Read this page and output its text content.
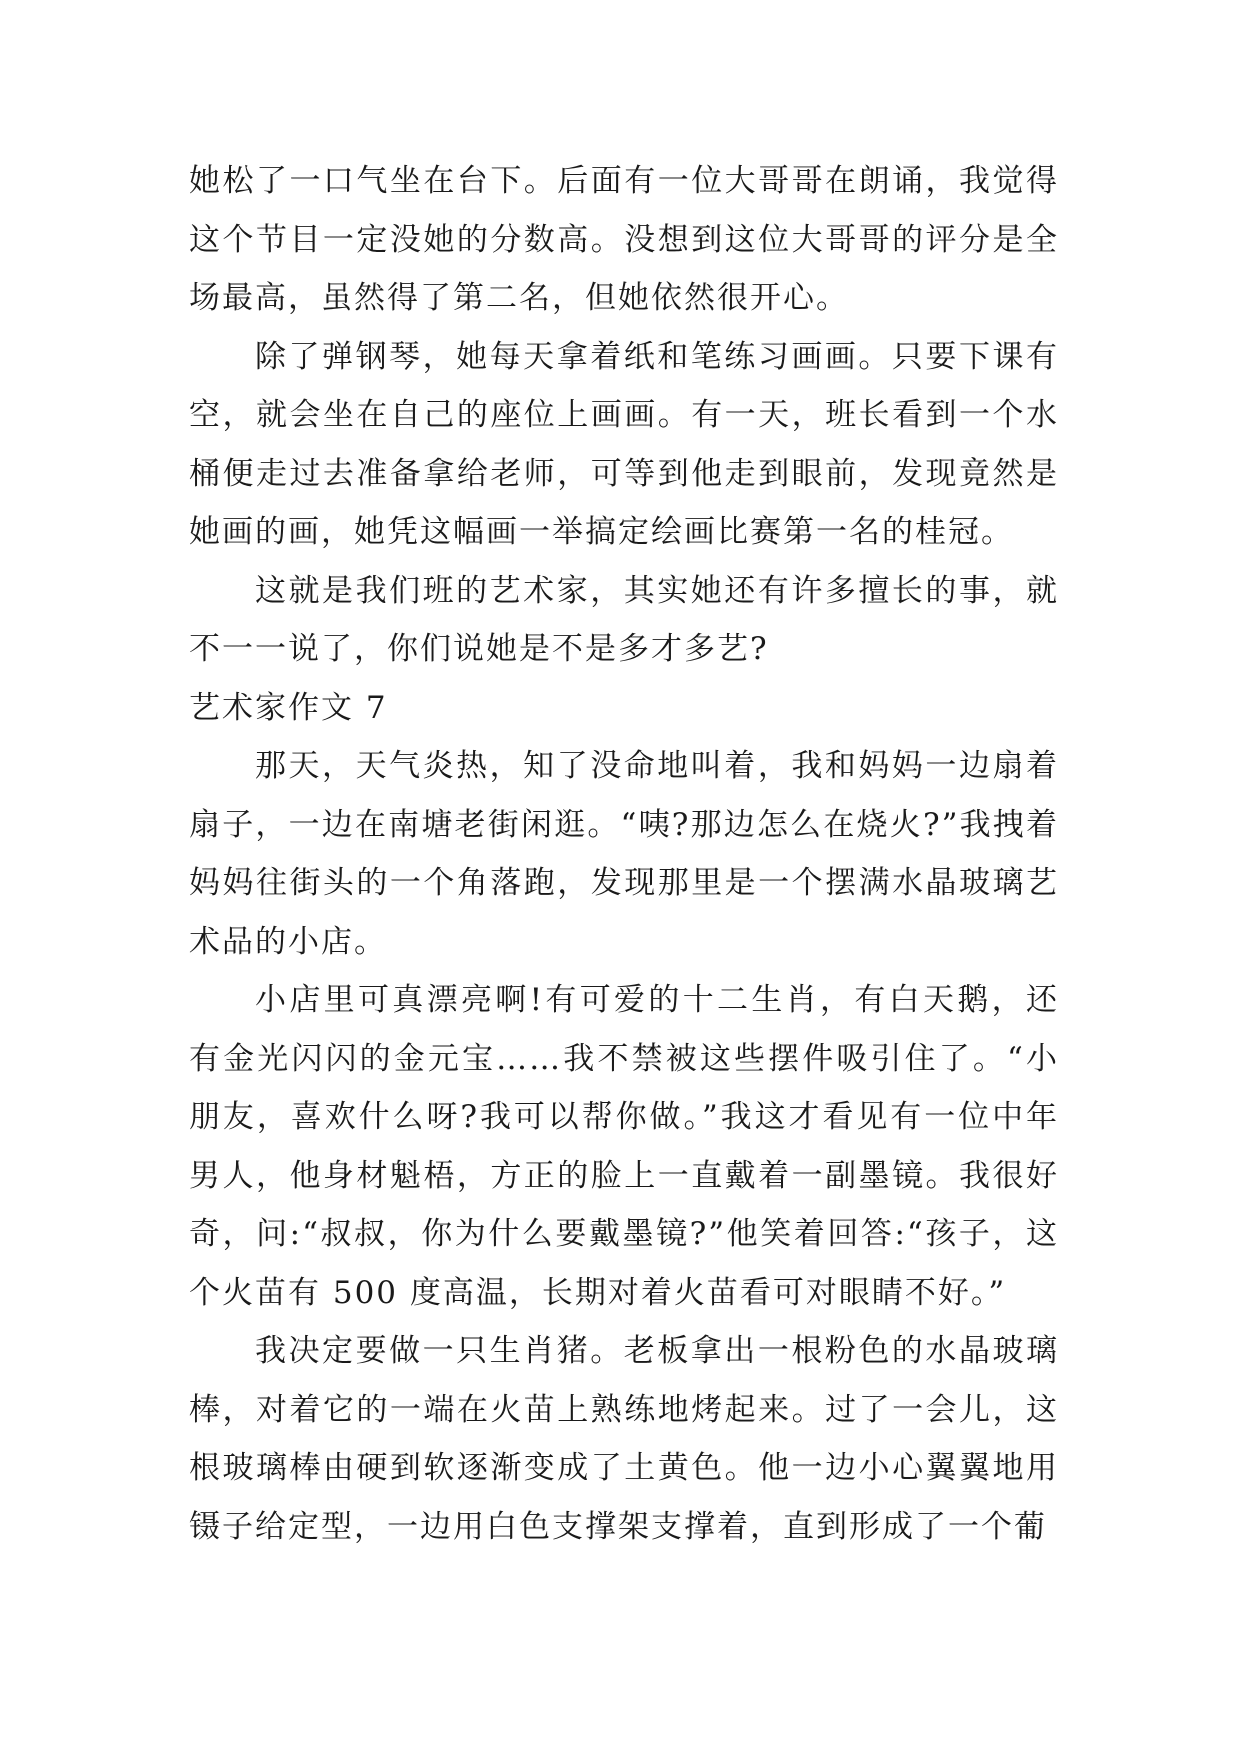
她松了一口气坐在台下。后面有一位大哥哥在朗诵，我觉得这个节目一定没她的分数高。没想到这位大哥哥的评分是全场最高，虽然得了第二名，但她依然很开心。

除了弹钢琴，她每天拿着纸和笔练习画画。只要下课有空，就会坐在自己的座位上画画。有一天，班长看到一个水桶便走过去准备拿给老师，可等到他走到眼前，发现竟然是她画的画，她凭这幅画一举搞定绘画比赛第一名的桂冠。

这就是我们班的艺术家，其实她还有许多擅长的事，就不一一说了，你们说她是不是多才多艺?

艺术家作文 7

那天，天气炎热，知了没命地叫着，我和妈妈一边扇着扇子，一边在南塘老街闲逛。“咦?那边怎么在烧火?”我拽着妈妈往街头的一个角落跑，发现那里是一个摆满水晶玻璃艺术品的小店。

小店里可真漂亮啊!有可爱的十二生肖，有白天鹅，还有金光闪闪的金元宝……我不禁被这些摆件吸引住了。“小朋友，喜欢什么呀?我可以帮你做。”我这才看见有一位中年男人，他身材魁梧，方正的脸上一直戴着一副墨镜。我很好奇，问:“叔叔，你为什么要戴墨镜?”他笑着回答:“孩子，这个火苗有 500 度高温，长期对着火苗看可对眼睛不好。”

我决定要做一只生肖猪。老板拿出一根粉色的水晶玻璃棒，对着它的一端在火苗上熟练地烤起来。过了一会儿，这根玻璃棒由硬到软逐渐变成了土黄色。他一边小心翼翼地用镊子给定型，一边用白色支撑架支撑着，直到形成了一个葡
